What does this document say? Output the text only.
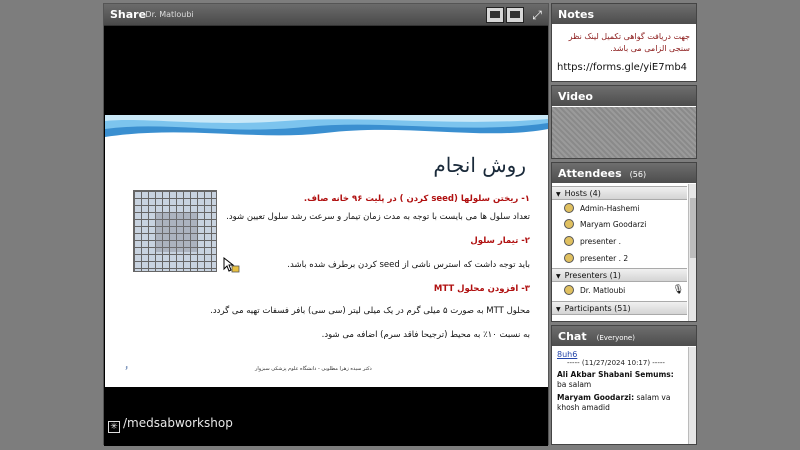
Share
- Dr. Matloubi	⤢
روش انجام
۱- ریختن سلولها (seed کردن ) در پلیت ۹۶ خانه صاف.
تعداد سلول ها می بایست با توجه به مدت زمان تیمار و سرعت رشد سلول تعیین شود.
۲- تیمار سلول
باید توجه داشت که استرس ناشی از seed کردن برطرف شده باشد.
۳- افزودن محلول MTT
محلول MTT به صورت ۵ میلی گرم در یک میلی لیتر (سی سی) بافر فسفات تهیه می گردد.
به نسبت ۱۰٪ به محیط (ترجیحا فاقد سرم) اضافه می شود.
۶	دکتر سیده زهرا مطلوبی - دانشگاه علوم پزشکی سبزوار
✳ /medsabworkshop
Notes
جهت دریافت گواهی تکمیل لینک نظر سنجی الزامی می باشد.
https://forms.gle/yiE7mb4
Video
Attendees (56)
▼ Hosts (4)
Admin-Hashemi
Maryam Goodarzi
presenter .
presenter . 2
▼ Presenters (1)
Dr. Matloubi	🎙
▼ Participants (51)
Chat (Everyone)
8uh6
----- (11/27/2024 10:17) -----
Ali Akbar Shabani Semums:
ba salam
Maryam Goodarzi: salam va khosh amadid
